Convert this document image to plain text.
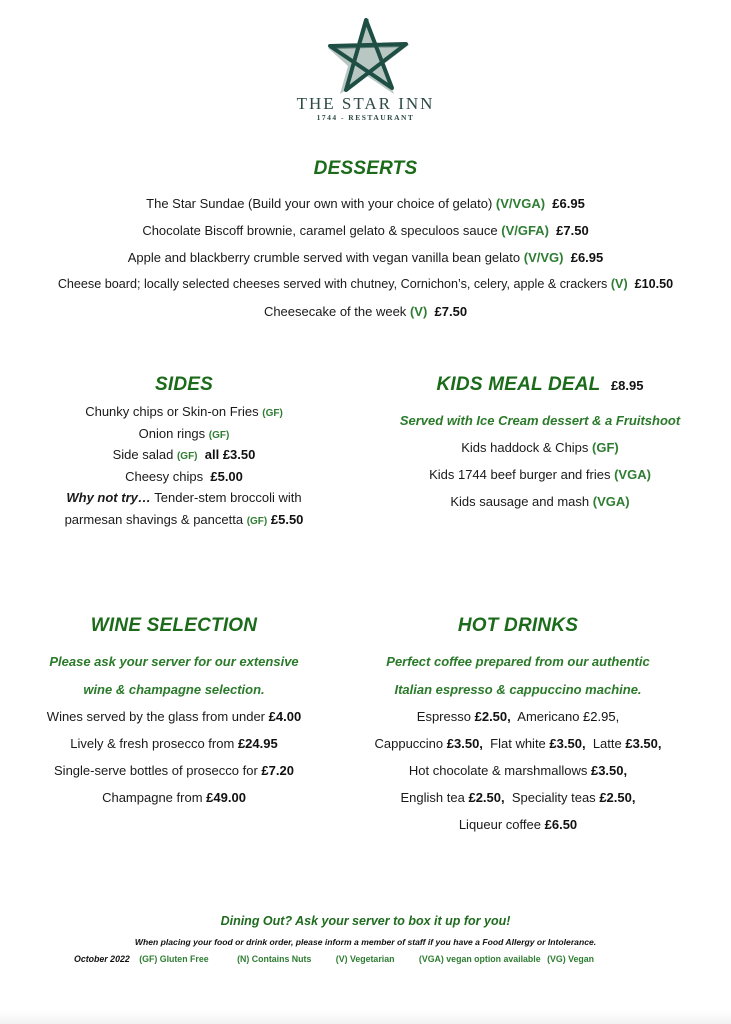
THE STAR INN
1744 - RESTAURANT
DESSERTS
The Star Sundae (Build your own with your choice of gelato) (V/VGA) £6.95
Chocolate Biscoff brownie, caramel gelato & speculoos sauce (V/GFA) £7.50
Apple and blackberry crumble served with vegan vanilla bean gelato (V/VG) £6.95
Cheese board; locally selected cheeses served with chutney, Cornichon’s, celery, apple & crackers (V) £10.50
Cheesecake of the week (V) £7.50
SIDES
Chunky chips or Skin-on Fries (GF)
Onion rings (GF)
Side salad (GF) all £3.50
Cheesy chips £5.00
Why not try… Tender-stem broccoli with
parmesan shavings & pancetta (GF) £5.50
KIDS MEAL DEAL £8.95
Served with Ice Cream dessert & a Fruitshoot
Kids haddock & Chips (GF)
Kids 1744 beef burger and fries (VGA)
Kids sausage and mash (VGA)
WINE SELECTION
Please ask your server for our extensive
wine & champagne selection.
Wines served by the glass from under £4.00
Lively & fresh prosecco from £24.95
Single-serve bottles of prosecco for £7.20
Champagne from £49.00
HOT DRINKS
Perfect coffee prepared from our authentic
Italian espresso & cappuccino machine.
Espresso £2.50, Americano £2.95,
Cappuccino £3.50, Flat white £3.50, Latte £3.50,
Hot chocolate & marshmallows £3.50,
English tea £2.50, Speciality teas £2.50,
Liqueur coffee £6.50
Dining Out? Ask your server to box it up for you!
When placing your food or drink order, please inform a member of staff if you have a Food Allergy or Intolerance.
October 2022 (GF) Gluten Free	(N) Contains Nuts	(V) Vegetarian	(VGA) vegan option available (VG) Vegan
